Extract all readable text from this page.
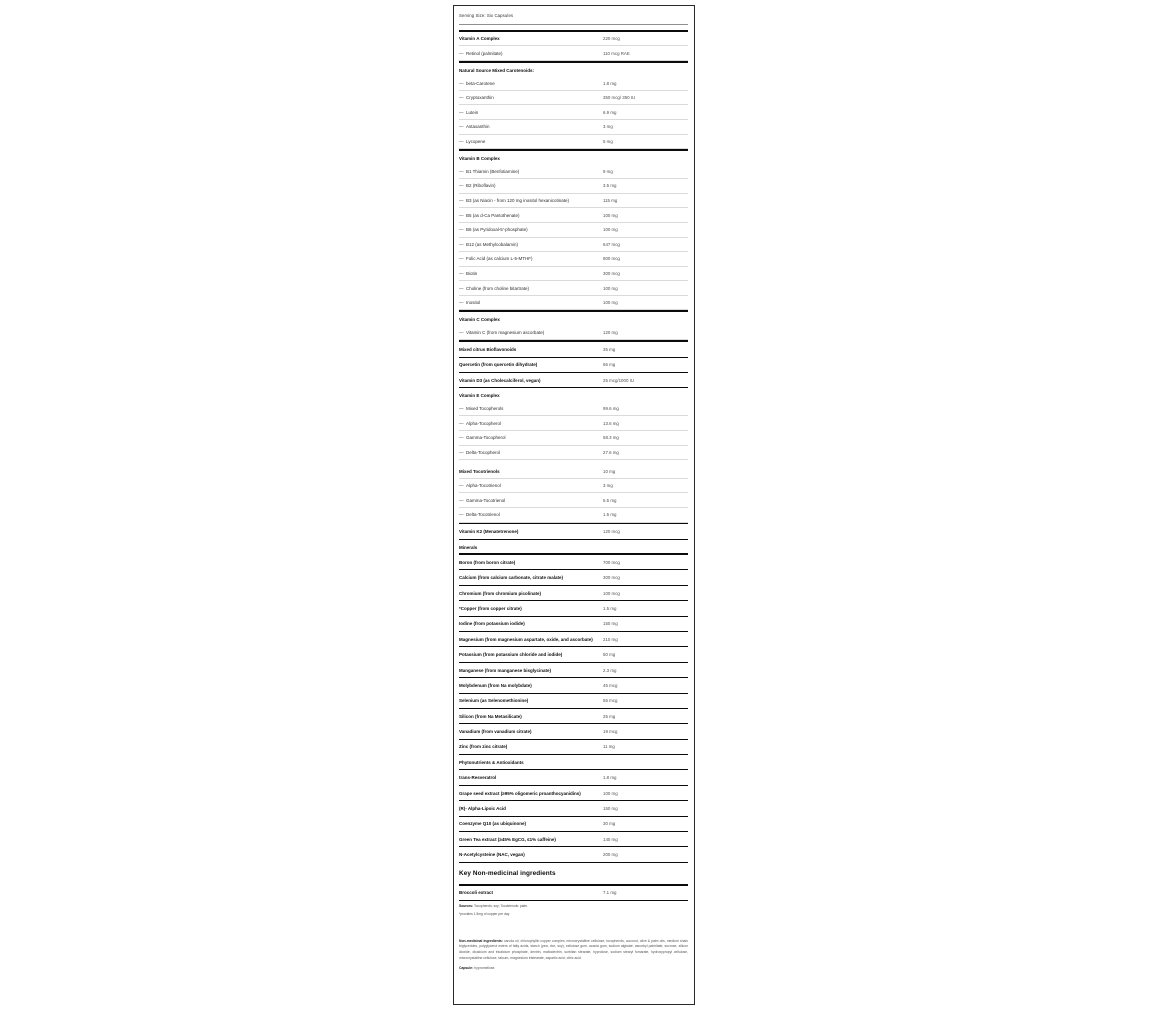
Serving Size: Six Capsules
Vitamin A Complex	220 mcg
— Retinol (palmitate)	110 mcg RAE
Natural Source Mixed Carotenoids:
— beta-Carotene	1.8 mg
— Cryptoxanthin	350 mcg/ 350 IU
— Lutein	6.9 mg
— Astaxanthin	3 mg
— Lycopene	5 mg
Vitamin B Complex
— B1 Thiamin (Benfotiamine)	9 mg
— B2 (Riboflavin)	3.5 mg
— B3 (as Niacin - from 120 mg inositol hexanicotinate)	115 mg
— B5 (as d-Ca Pantothenate)	100 mg
— B6 (as Pyridoxal-5'-phosphate)	100 mg
— B12 (as Methylcobalamin)	647 mcg
— Folic Acid (as calcium L-5-MTHF)	800 mcg
— Biotin	300 mcg
— Choline (from choline bitartrate)	100 mg
— Inositol	100 mg
Vitamin C Complex
— Vitamin C (from magnesium ascorbate)	120 mg
Mixed citrus Bioflavonoids	35 mg
Quercetin (from quercetin dihydrate)	65 mg
Vitamin D3 (as Cholecalciferol, vegan)	25 mcg/1000 IU
Vitamin E Complex
— Mixed Tocopherols	99.6 mg
— Alpha-Tocopherol	13.6 mg
— Gamma-Tocopherol	58.3 mg
— Delta-Tocopherol	27.6 mg
Mixed Tocotrienols	10 mg
— Alpha-Tocotrienol	3 mg
— Gamma-Tocotrienol	5.5 mg
— Delta-Tocotrienol	1.5 mg
Vitamin K2 (Menatetrenone)	120 mcg
Minerals
Boron (from boron citrate)	700 mcg
Calcium (from calcium carbonate, citrate malate)	300 mcg
Chromium (from chromium picolinate)	100 mcg
*Copper (from copper citrate)	1.5 mg
Iodine (from potassium iodide)	150 mg
Magnesium (from magnesium aspartate, oxide, and ascorbate) 210 mg
Potassium (from potassium chloride and iodide)	50 mg
Manganese (from manganese bisglycinate)	2.3 mg
Molybdenum (from Na molybdate)	45 mcg
Selenium (as Selenomethionine)	55 mcg
Silicon (from Na Metasilicate)	25 mg
Vanadium (from vanadium citrate)	19 mcg
Zinc (from zinc citrate)	11 mg
Phytonutrients & Antioxidants
trans-Resveratrol	1.8 mg
Grape seed extract (≥95% oligomeric proanthocyanidins)	100 mg
(R)- Alpha-Lipoic Acid	150 mg
Coenzyme Q10 (as ubiquinone)	30 mg
Green Tea extract (≥45% EgCG, ≤1% caffeine)	140 mg
N-Acetylcysteine (NAC, vegan)	200 mg
Key Non-medicinal ingredients
Broccoli extract	7.1 mg
Sources: Tocopherols: soy; Tocotrienols: palm.
*provides 1.5mg of copper per day
Non-medicinal ingredients: canola oil, chlorophyllin copper complex, microcrystalline cellulose, tocopherols, coconut, olive & palm oils, medium chain triglycerides, polyglycerol esters of fatty acids, starch (pea, rice, soy), cellulose gum, acacia gum, sodium alginate, ascorbyl palmitate, sucrose, silicon dioxide, dicalcium and tricalcium phosphate, dextrin, maltodextrin, sorbitan stearate, hyprolose, sodium stearyl fumarate, hydroxypropyl cellulose, microcrystalline cellulose, talcum, magnesium tristearate, aspartic acid, citric acid.
Capsule: hypromellose.
